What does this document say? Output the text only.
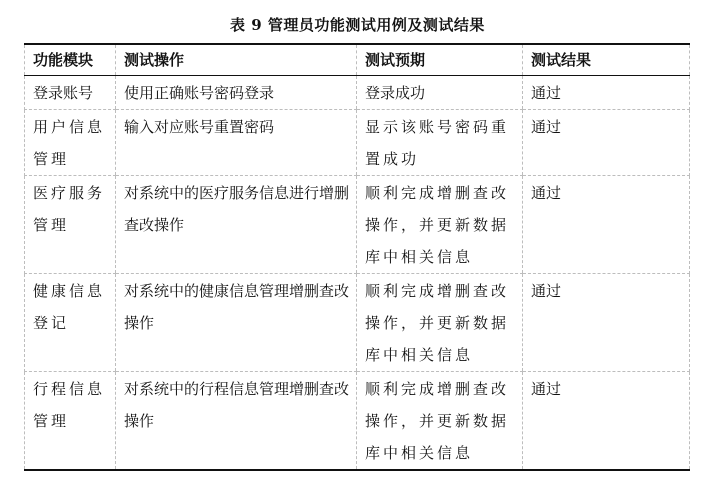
表 9 管理员功能测试用例及测试结果
功能模块	测试操作	测试预期	测试结果
登录账号	使用正确账号密码登录	登录成功	通过
用户信息管理	输入对应账号重置密码	显示该账号密码重置成功	通过
医疗服务管理	对系统中的医疗服务信息进行增删查改操作	顺利完成增删查改操作，并更新数据库中相关信息	通过
健康信息登记	对系统中的健康信息管理增删查改操作	顺利完成增删查改操作，并更新数据库中相关信息	通过
行程信息管理	对系统中的行程信息管理增删查改操作	顺利完成增删查改操作，并更新数据库中相关信息	通过
